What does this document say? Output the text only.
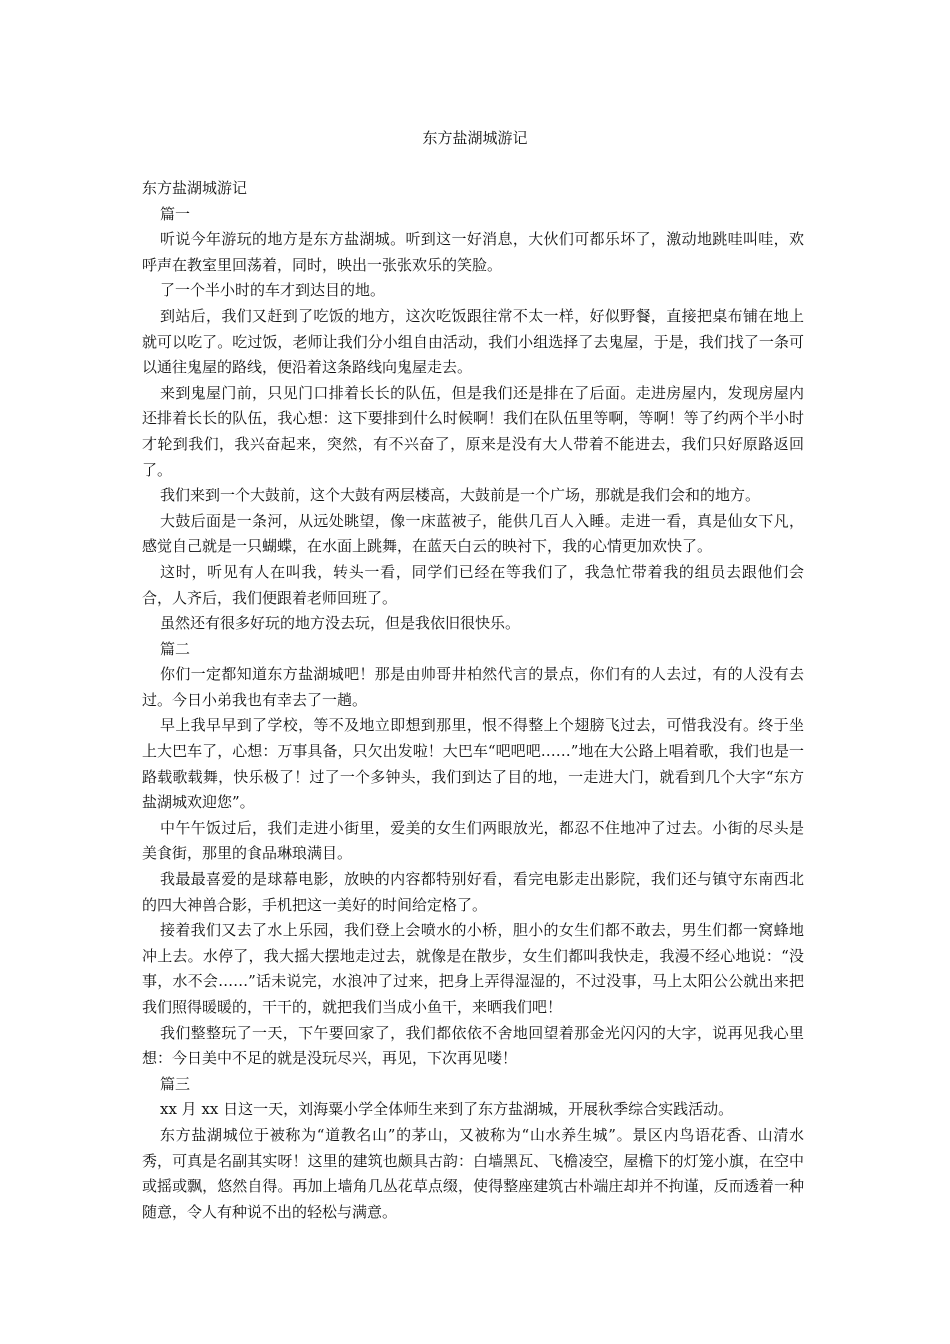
东方盐湖城游记

东方盐湖城游记

篇一

听说今年游玩的地方是东方盐湖城。听到这一好消息，大伙们可都乐坏了，激动地跳哇叫哇，欢呼声在教室里回荡着，同时，映出一张张欢乐的笑脸。

了一个半小时的车才到达目的地。

到站后，我们又赶到了吃饭的地方，这次吃饭跟往常不太一样，好似野餐，直接把桌布铺在地上就可以吃了。吃过饭，老师让我们分小组自由活动，我们小组选择了去鬼屋，于是，我们找了一条可以通往鬼屋的路线，便沿着这条路线向鬼屋走去。

来到鬼屋门前，只见门口排着长长的队伍，但是我们还是排在了后面。走进房屋内，发现房屋内还排着长长的队伍，我心想：这下要排到什么时候啊！我们在队伍里等啊，等啊！等了约两个半小时才轮到我们，我兴奋起来，突然，有不兴奋了，原来是没有大人带着不能进去，我们只好原路返回了。

我们来到一个大鼓前，这个大鼓有两层楼高，大鼓前是一个广场，那就是我们会和的地方。

大鼓后面是一条河，从远处眺望，像一床蓝被子，能供几百人入睡。走进一看，真是仙女下凡，感觉自己就是一只蝴蝶，在水面上跳舞，在蓝天白云的映衬下，我的心情更加欢快了。

这时，听见有人在叫我，转头一看，同学们已经在等我们了，我急忙带着我的组员去跟他们会合，人齐后，我们便跟着老师回班了。

虽然还有很多好玩的地方没去玩，但是我依旧很快乐。

篇二

你们一定都知道东方盐湖城吧！那是由帅哥井柏然代言的景点，你们有的人去过，有的人没有去过。今日小弟我也有幸去了一趟。

早上我早早到了学校，等不及地立即想到那里，恨不得整上个翅膀飞过去，可惜我没有。终于坐上大巴车了，心想：万事具备，只欠出发啦！大巴车“吧吧吧……”地在大公路上唱着歌，我们也是一路载歌载舞，快乐极了！过了一个多钟头，我们到达了目的地，一走进大门，就看到几个大字“东方盐湖城欢迎您”。

中午午饭过后，我们走进小街里，爱美的女生们两眼放光，都忍不住地冲了过去。小街的尽头是美食街，那里的食品琳琅满目。

我最最喜爱的是球幕电影，放映的内容都特别好看，看完电影走出影院，我们还与镇守东南西北的四大神兽合影，手机把这一美好的时间给定格了。

接着我们又去了水上乐园，我们登上会喷水的小桥，胆小的女生们都不敢去，男生们都一窝蜂地冲上去。水停了，我大摇大摆地走过去，就像是在散步，女生们都叫我快走，我漫不经心地说：“没事，水不会……”话未说完，水浪冲了过来，把身上弄得湿湿的，不过没事，马上太阳公公就出来把我们照得暖暖的，干干的，就把我们当成小鱼干，来晒我们吧！

我们整整玩了一天，下午要回家了，我们都依依不舍地回望着那金光闪闪的大字，说再见我心里想：今日美中不足的就是没玩尽兴，再见，下次再见喽！

篇三

xx 月 xx 日这一天，刘海粟小学全体师生来到了东方盐湖城，开展秋季综合实践活动。

东方盐湖城位于被称为“道教名山”的茅山，又被称为“山水养生城”。景区内鸟语花香、山清水秀，可真是名副其实呀！这里的建筑也颇具古韵：白墙黑瓦、飞檐凌空，屋檐下的灯笼小旗，在空中或摇或飘，悠然自得。再加上墙角几丛花草点缀，使得整座建筑古朴端庄却并不拘谨，反而透着一种随意，令人有种说不出的轻松与满意。
